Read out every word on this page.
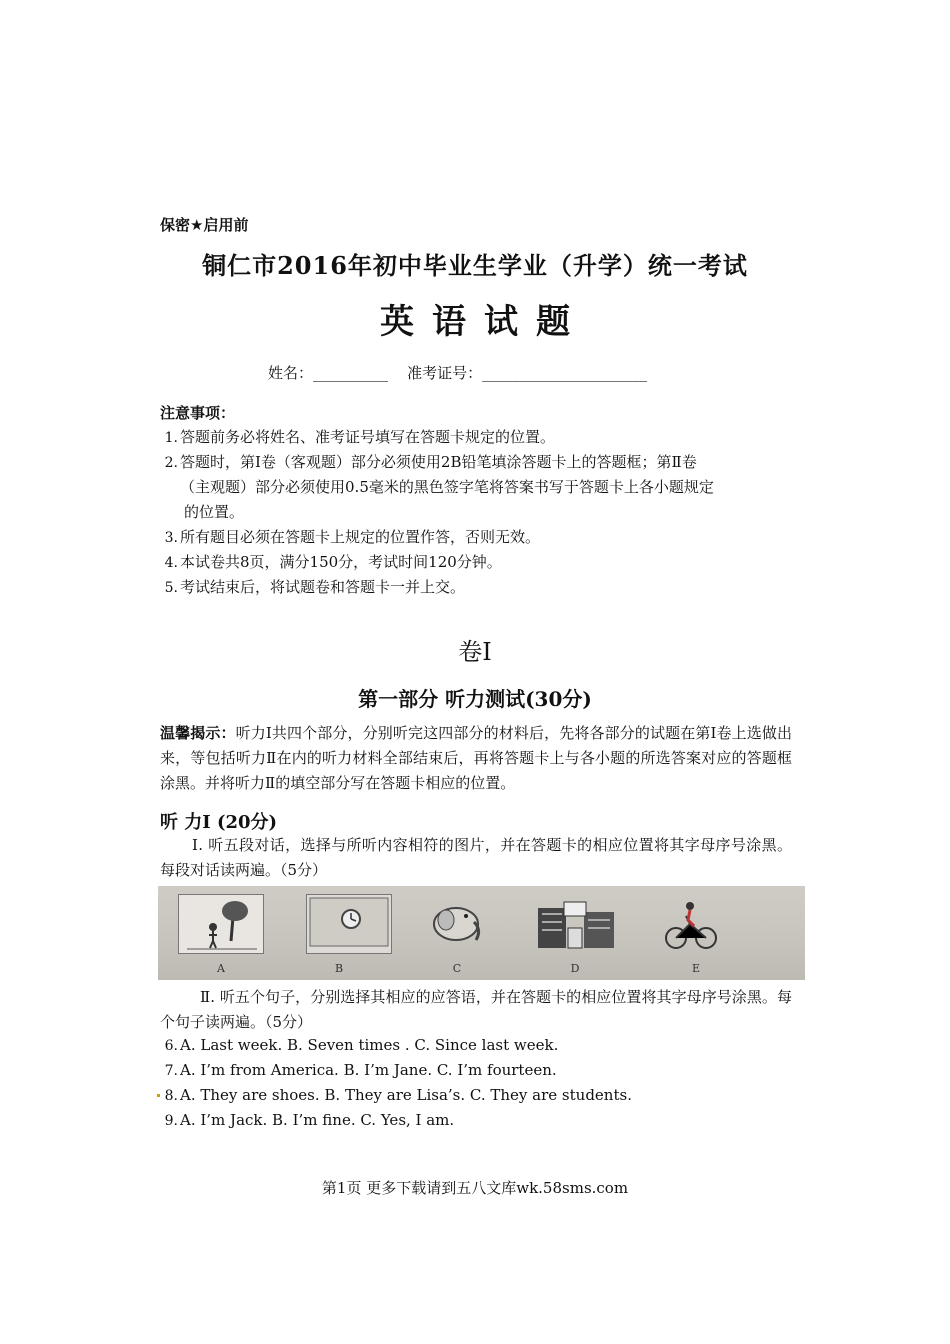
保密★启用前
铜仁市2016年初中毕业生学业（升学）统一考试
英语试题
姓名：__________    准考证号：______________________
注意事项：
1. 答题前务必将姓名、准考证号填写在答题卡规定的位置。
2. 答题时，第Ⅰ卷（客观题）部分必须使用2B铅笔填涂答题卡上的答题框；第Ⅱ卷
（主观题）部分必须使用0.5毫米的黑色签字笔将答案书写于答题卡上各小题规定
的位置。
3. 所有题目必须在答题卡上规定的位置作答，否则无效。
4. 本试卷共8页，满分150分，考试时间120分钟。
5. 考试结束后，将试题卷和答题卡一并上交。
卷Ⅰ
第一部分 听力测试(30分)
温馨揭示：听力Ⅰ共四个部分，分别听完这四部分的材料后，先将各部分的试题在第Ⅰ卷上选做出来，等包括听力Ⅱ在内的听力材料全部结束后，再将答题卡上与各小题的所选答案对应的答题框涂黑。并将听力Ⅱ的填空部分写在答题卡相应的位置。
听 力Ⅰ (20分)
Ⅰ. 听五段对话，选择与所听内容相符的图片，并在答题卡的相应位置将其字母序号涂黑。每段对话读两遍。（5分）
A	B	C	D	E
Ⅱ. 听五个句子，分别选择其相应的应答语，并在答题卡的相应位置将其字母序号涂黑。每个句子读两遍。（5分）
6. A. Last week. B. Seven times . C. Since last week.
7. A. I’m from America. B. I’m Jane. C. I’m fourteen.
8. A. They are shoes. B. They are Lisa’s. C. They are students.
9. A. I’m Jack. B. I’m fine. C. Yes, I am.
第1页 更多下载请到五八文库wk.58sms.com
